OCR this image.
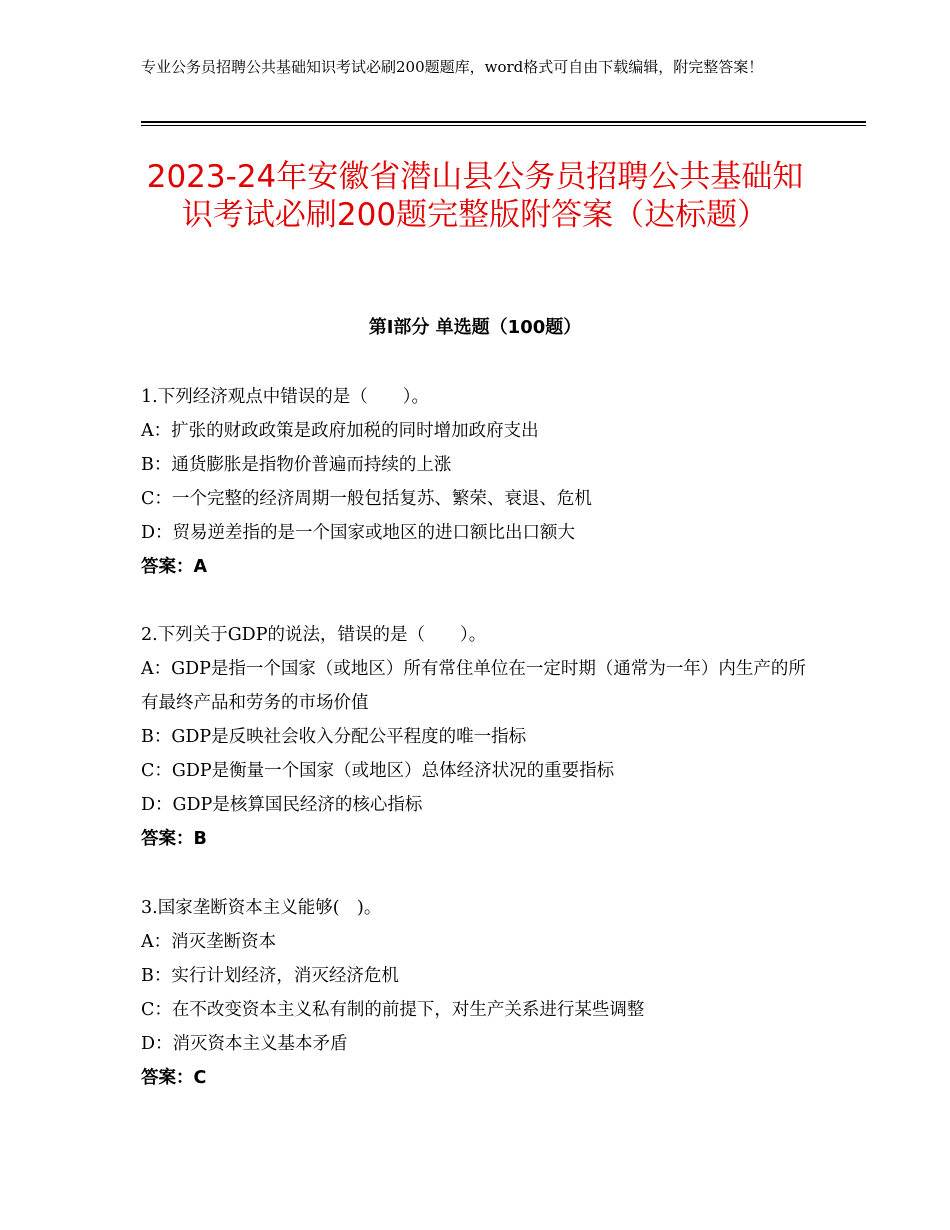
专业公务员招聘公共基础知识考试必刷200题题库，word格式可自由下载编辑，附完整答案！
2023-24年安徽省潜山县公务员招聘公共基础知识考试必刷200题完整版附答案（达标题）
第Ⅰ部分 单选题（100题）

1.下列经济观点中错误的是（　　）。

A：扩张的财政政策是政府加税的同时增加政府支出

B：通货膨胀是指物价普遍而持续的上涨

C：一个完整的经济周期一般包括复苏、繁荣、衰退、危机

D：贸易逆差指的是一个国家或地区的进口额比出口额大

答案：A

2.下列关于GDP的说法，错误的是（　　）。

A：GDP是指一个国家（或地区）所有常住单位在一定时期（通常为一年）内生产的所有最终产品和劳务的市场价值

B：GDP是反映社会收入分配公平程度的唯一指标

C：GDP是衡量一个国家（或地区）总体经济状况的重要指标

D：GDP是核算国民经济的核心指标

答案：B

3.国家垄断资本主义能够(　)。

A：消灭垄断资本

B：实行计划经济，消灭经济危机

C：在不改变资本主义私有制的前提下，对生产关系进行某些调整

D：消灭资本主义基本矛盾

答案：C
